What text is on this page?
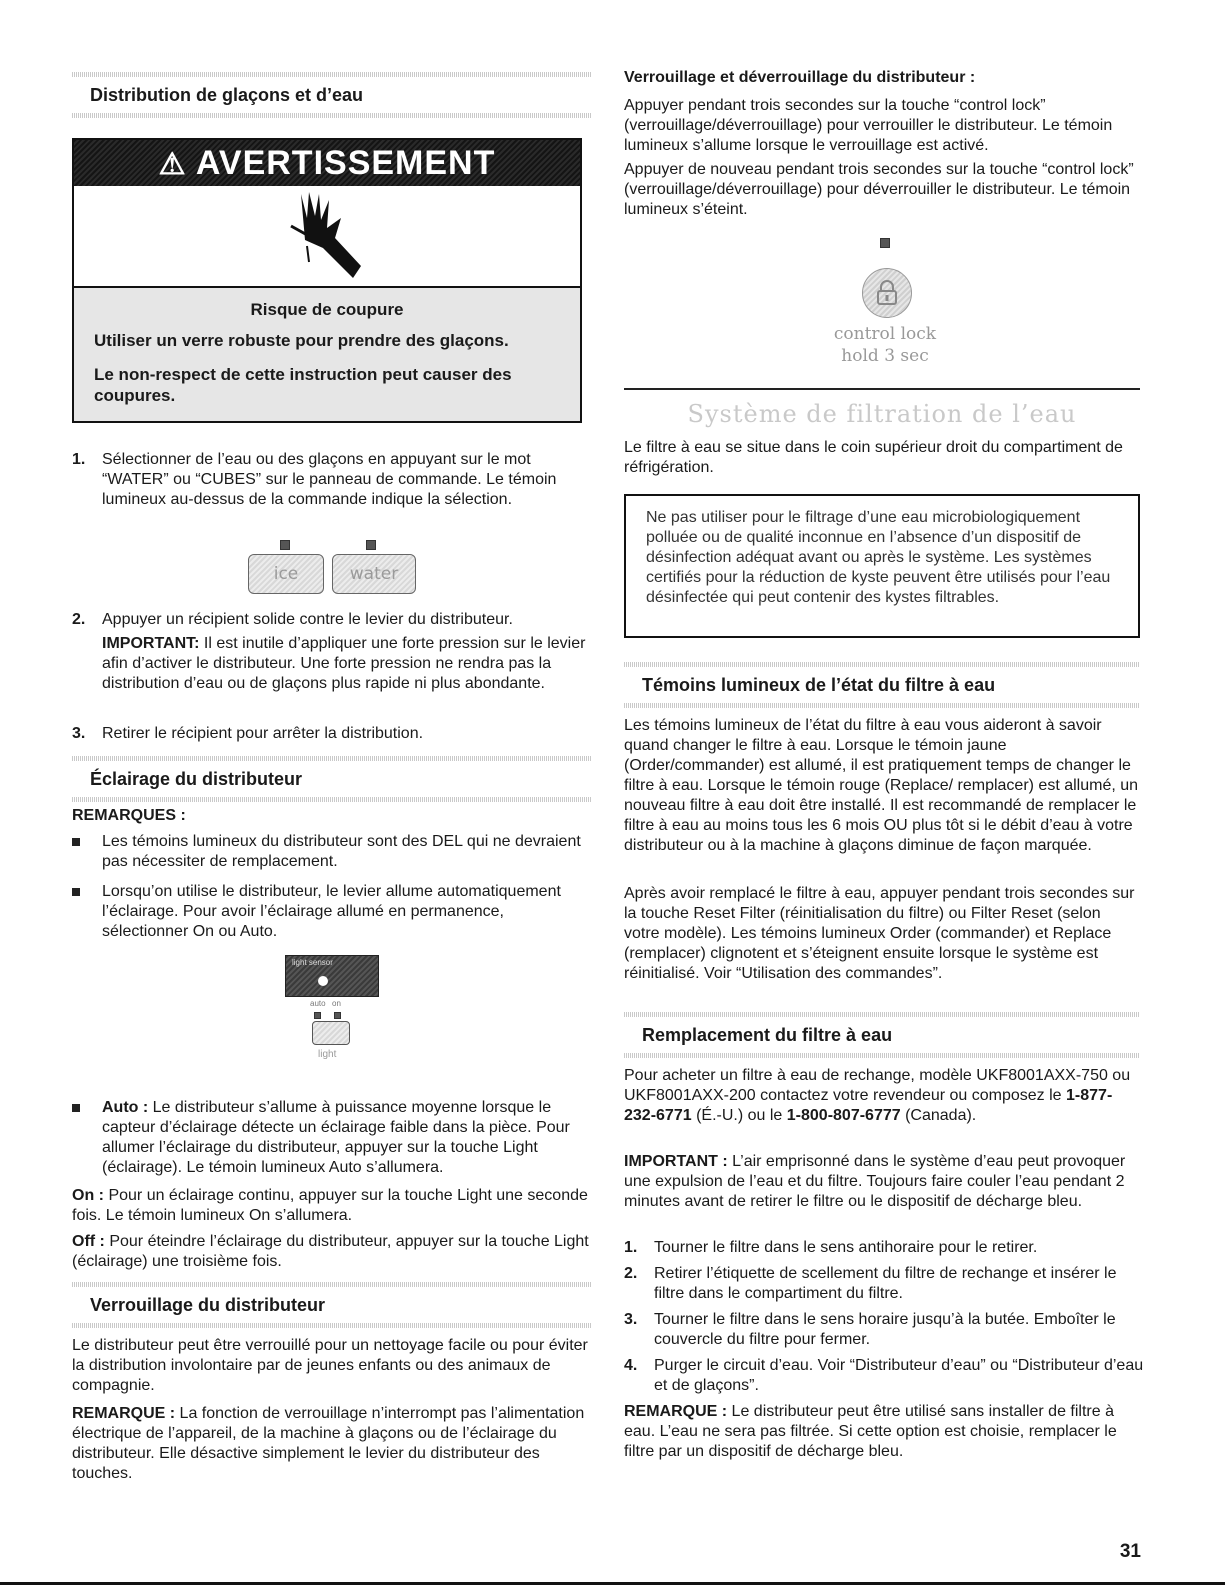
Distribution de glaçons et d’eau
⚠ AVERTISSEMENT
Risque de coupure
Utiliser un verre robuste pour prendre des glaçons.
Le non-respect de cette instruction peut causer des coupures.
1. Sélectionner de l’eau ou des glaçons en appuyant sur le mot “WATER” ou “CUBES” sur le panneau de commande. Le témoin lumineux au-dessus de la commande indique la sélection.

ice	water
2. Appuyer un récipient solide contre le levier du distributeur.

IMPORTANT: Il est inutile d’appliquer une forte pression sur le levier afin d’activer le distributeur. Une forte pression ne rendra pas la distribution d’eau ou de glaçons plus rapide ni plus abondante.

3. Retirer le récipient pour arrêter la distribution.

Éclairage du distributeur

REMARQUES :

Les témoins lumineux du distributeur sont des DEL qui ne devraient pas nécessiter de remplacement.

Lorsqu’on utilise le distributeur, le levier allume automatiquement l’éclairage. Pour avoir l’éclairage allumé en permanence, sélectionner On ou Auto.

light sensor
auto on
light

Auto : Le distributeur s’allume à puissance moyenne lorsque le capteur d’éclairage détecte un éclairage faible dans la pièce. Pour allumer l’éclairage du distributeur, appuyer sur la touche Light (éclairage). Le témoin lumineux Auto s’allumera.

On : Pour un éclairage continu, appuyer sur la touche Light une seconde fois. Le témoin lumineux On s’allumera.

Off : Pour éteindre l’éclairage du distributeur, appuyer sur la touche Light (éclairage) une troisième fois.

Verrouillage du distributeur

Le distributeur peut être verrouillé pour un nettoyage facile ou pour éviter la distribution involontaire par de jeunes enfants ou des animaux de compagnie.

REMARQUE : La fonction de verrouillage n’interrompt pas l’alimentation électrique de l’appareil, de la machine à glaçons ou de l’éclairage du distributeur. Elle désactive simplement le levier du distributeur des touches.

Verrouillage et déverrouillage du distributeur :

Appuyer pendant trois secondes sur la touche “control lock” (verrouillage/déverrouillage) pour verrouiller le distributeur. Le témoin lumineux s’allume lorsque le verrouillage est activé.

Appuyer de nouveau pendant trois secondes sur la touche “control lock” (verrouillage/déverrouillage) pour déverrouiller le distributeur. Le témoin lumineux s’éteint.

control lock
hold 3 sec
Système de filtration de l’eau

Le filtre à eau se situe dans le coin supérieur droit du compartiment de réfrigération.

Ne pas utiliser pour le filtrage d’une eau microbiologiquement polluée ou de qualité inconnue en l’absence d’un dispositif de désinfection adéquat avant ou après le système. Les systèmes certifiés pour la réduction de kyste peuvent être utilisés pour l’eau désinfectée qui peut contenir des kystes filtrables.

Témoins lumineux de l’état du filtre à eau

Les témoins lumineux de l’état du filtre à eau vous aideront à savoir quand changer le filtre à eau. Lorsque le témoin jaune (Order/commander) est allumé, il est pratiquement temps de changer le filtre à eau. Lorsque le témoin rouge (Replace/ remplacer) est allumé, un nouveau filtre à eau doit être installé. Il est recommandé de remplacer le filtre à eau au moins tous les 6 mois OU plus tôt si le débit d’eau à votre distributeur ou à la machine à glaçons diminue de façon marquée.

Après avoir remplacé le filtre à eau, appuyer pendant trois secondes sur la touche Reset Filter (réinitialisation du filtre) ou Filter Reset (selon votre modèle). Les témoins lumineux Order (commander) et Replace (remplacer) clignotent et s’éteignent ensuite lorsque le système est réinitialisé. Voir “Utilisation des commandes”.

Remplacement du filtre à eau

Pour acheter un filtre à eau de rechange, modèle UKF8001AXX-750 ou UKF8001AXX-200 contactez votre revendeur ou composez le 1-877-232-6771 (É.-U.) ou le 1-800-807-6777 (Canada).

IMPORTANT : L’air emprisonné dans le système d’eau peut provoquer une expulsion de l’eau et du filtre. Toujours faire couler l’eau pendant 2 minutes avant de retirer le filtre ou le dispositif de décharge bleu.

1. Tourner le filtre dans le sens antihoraire pour le retirer.

2. Retirer l’étiquette de scellement du filtre de rechange et insérer le filtre dans le compartiment du filtre.

3. Tourner le filtre dans le sens horaire jusqu’à la butée. Emboîter le couvercle du filtre pour fermer.

4. Purger le circuit d’eau. Voir “Distributeur d’eau” ou “Distributeur d’eau et de glaçons”.

REMARQUE : Le distributeur peut être utilisé sans installer de filtre à eau. L’eau ne sera pas filtrée. Si cette option est choisie, remplacer le filtre par un dispositif de décharge bleu.

31
